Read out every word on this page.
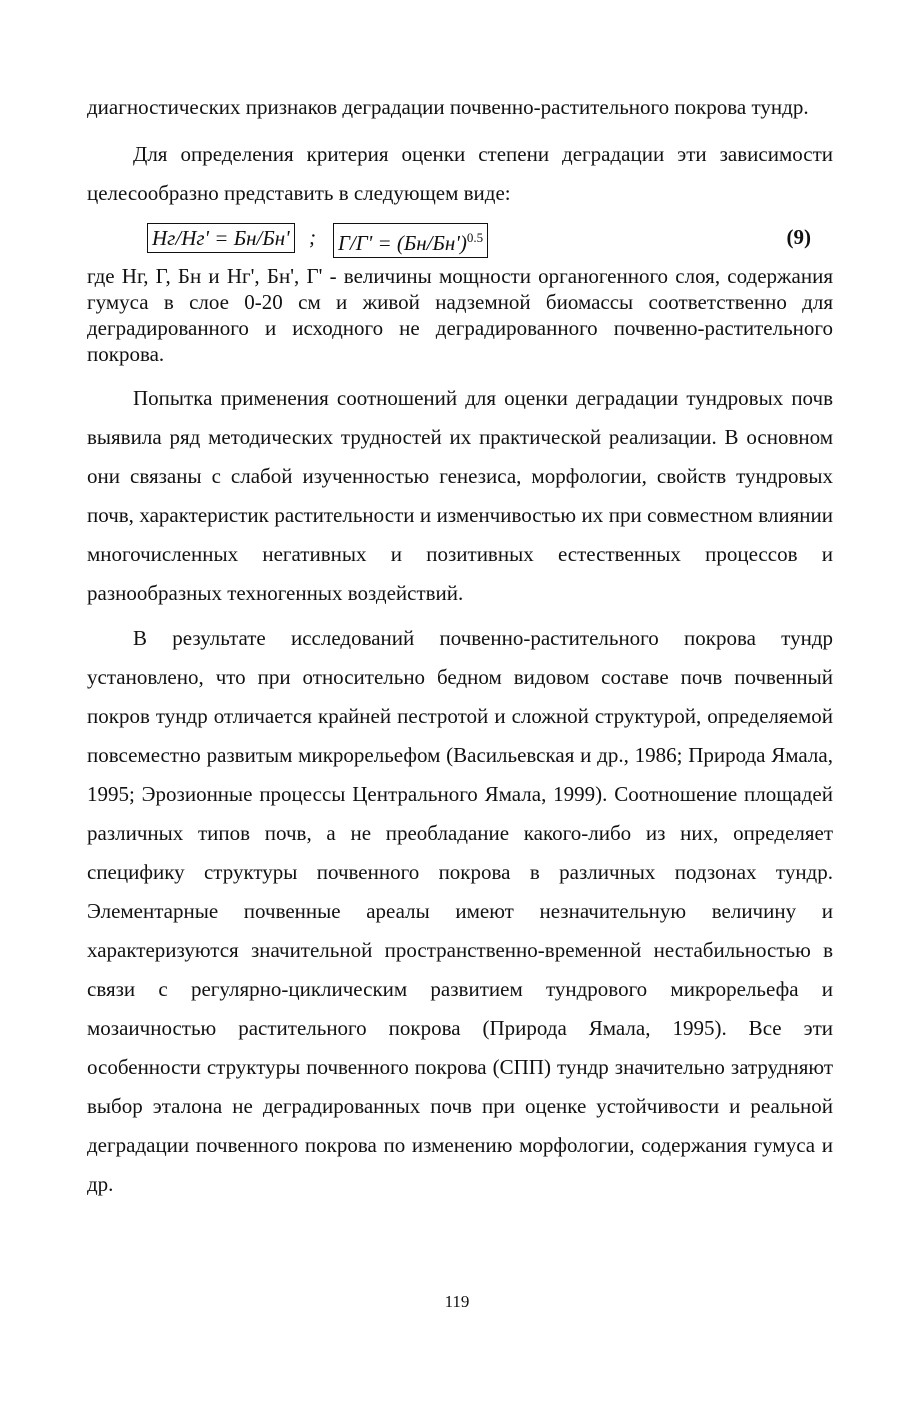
диагностических признаков деградации почвенно-растительного покрова тундр.

Для определения критерия оценки степени деградации эти зависимости целесообразно представить в следующем виде:

Нг/Нг' = Бн/Бн' ; $Г/Г' = (Бн/Бн')^{0.5}$	(9)

где Нг, Г, Бн и Нг', Бн', Г' - величины мощности органогенного слоя, содержания гумуса в слое 0-20 см и живой надземной биомассы соответственно для деградированного и исходного не деградированного почвенно-растительного покрова.

Попытка применения соотношений для оценки деградации тундровых почв выявила ряд методических трудностей их практической реализации. В основном они связаны с слабой изученностью генезиса, морфологии, свойств тундровых почв, характеристик растительности и изменчивостью их при совместном влиянии многочисленных негативных и позитивных естественных процессов и разнообразных техногенных воздействий.

В результате исследований почвенно-растительного покрова тундр установлено, что при относительно бедном видовом составе почв почвенный покров тундр отличается крайней пестротой и сложной структурой, определяемой повсеместно развитым микрорельефом (Васильевская и др., 1986; Природа Ямала, 1995; Эрозионные процессы Центрального Ямала, 1999). Соотношение площадей различных типов почв, а не преобладание какого-либо из них, определяет специфику структуры почвенного покрова в различных подзонах тундр. Элементарные почвенные ареалы имеют незначительную величину и характеризуются значительной пространственно-временной нестабильностью в связи с регулярно-циклическим развитием тундрового микрорельефа и мозаичностью растительного покрова (Природа Ямала, 1995). Все эти особенности структуры почвенного покрова (СПП) тундр значительно затрудняют выбор эталона не деградированных почв при оценке устойчивости и реальной деградации почвенного покрова по изменению морфологии, содержания гумуса и др.

119
